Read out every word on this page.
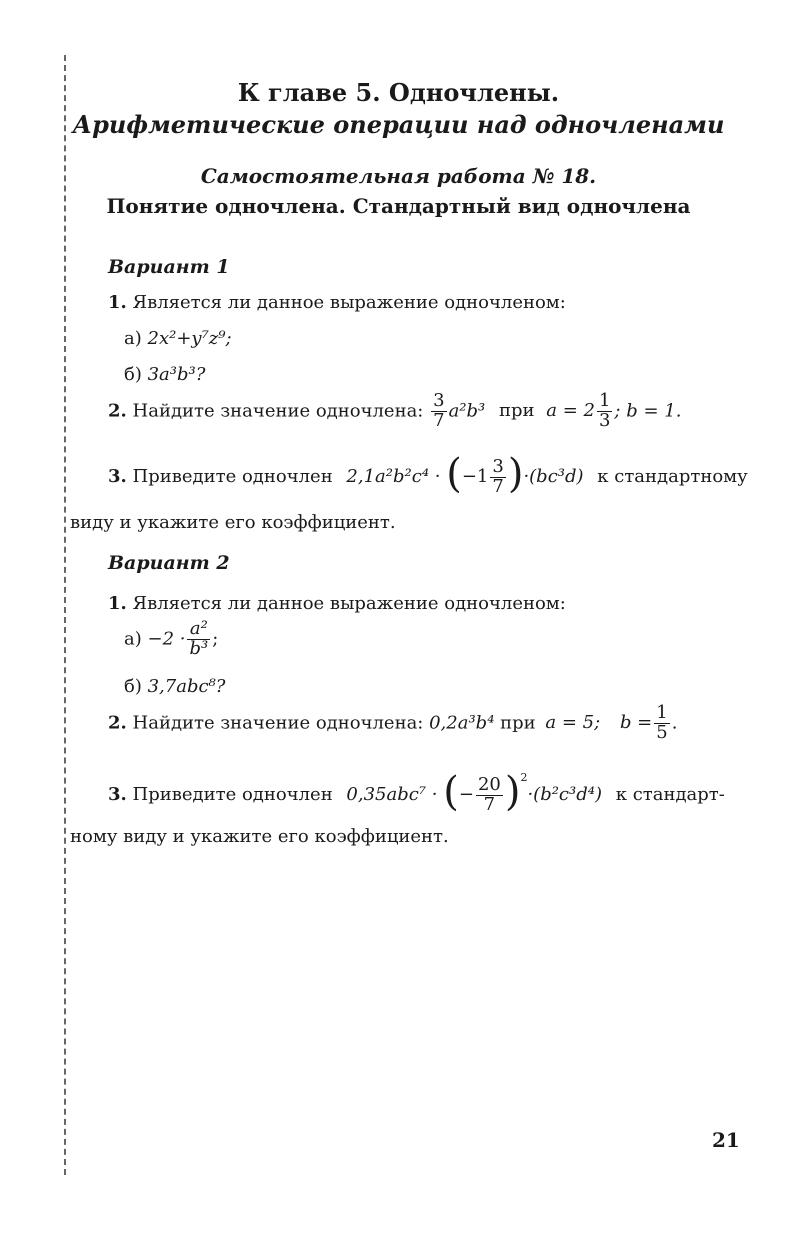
К главе 5. Одночлены.
Арифметические операции над одночленами
Самостоятельная работа № 18.
Понятие одночлена. Стандартный вид одночлена
Вариант 1
1. Является ли данное выражение одночленом:
а) 2x²+y⁷z⁹;
б) 3a³b³?
2. Найдите значение одночлена: $\frac{3}{7} a^2b^3$ при $a = 2 \frac{1}{3}$ ; b = 1.
3. Приведите одночлен $2,1a^2b^2c^4 \cdot (-1 \frac{3}{7} )\cdot(bc^3d)$ к стандартному
виду и укажите его коэффициент.
Вариант 2
1. Является ли данное выражение одночленом:
$а) -2 \cdot \frac{\text{a²}}{\text{b³}}$ ;
б) 3,7abc⁸?
2. Найдите значение одночлена: 0,2a³b⁴ при a = 5; $b = \frac{1}{5}$ .
3. Приведите одночлен 0,35abc⁷ · (− $\frac{20}{7} )^2\cdot(b^2c^3d^4)$ к стандарт-
ному виду и укажите его коэффициент.
21
